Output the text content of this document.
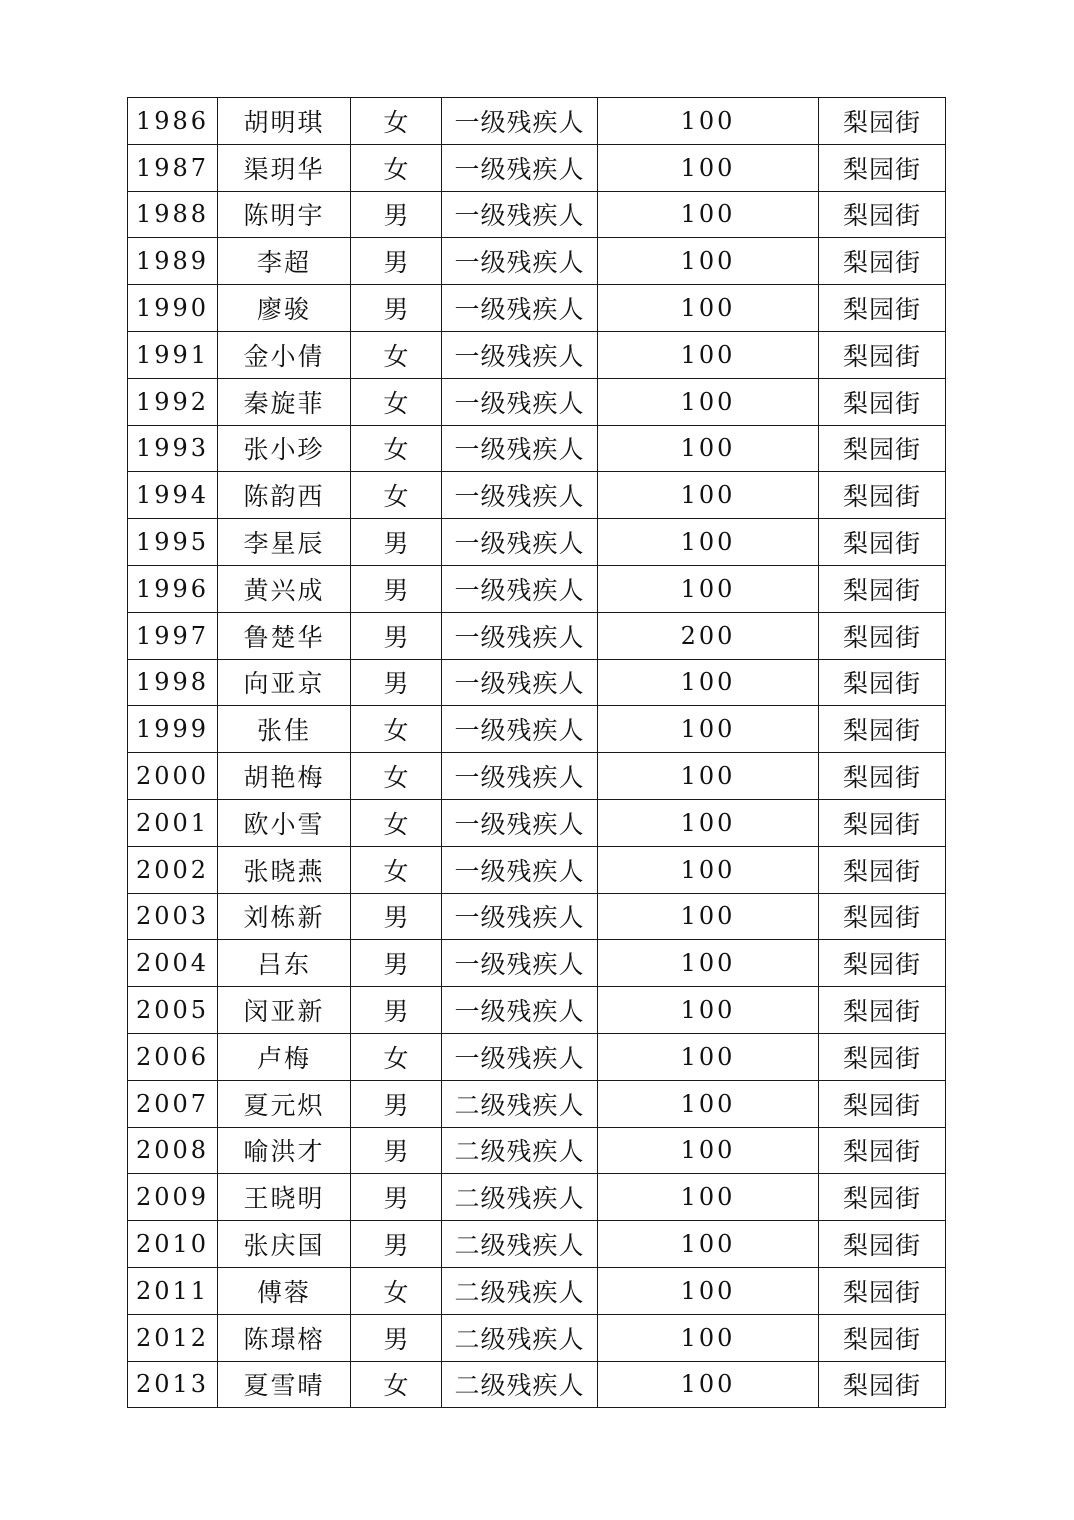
1986	胡明琪	女	一级残疾人	100	梨园街
1987	渠玥华	女	一级残疾人	100	梨园街
1988	陈明宇	男	一级残疾人	100	梨园街
1989	李超	男	一级残疾人	100	梨园街
1990	廖骏	男	一级残疾人	100	梨园街
1991	金小倩	女	一级残疾人	100	梨园街
1992	秦旋菲	女	一级残疾人	100	梨园街
1993	张小珍	女	一级残疾人	100	梨园街
1994	陈韵西	女	一级残疾人	100	梨园街
1995	李星辰	男	一级残疾人	100	梨园街
1996	黄兴成	男	一级残疾人	100	梨园街
1997	鲁楚华	男	一级残疾人	200	梨园街
1998	向亚京	男	一级残疾人	100	梨园街
1999	张佳	女	一级残疾人	100	梨园街
2000	胡艳梅	女	一级残疾人	100	梨园街
2001	欧小雪	女	一级残疾人	100	梨园街
2002	张晓燕	女	一级残疾人	100	梨园街
2003	刘栋新	男	一级残疾人	100	梨园街
2004	吕东	男	一级残疾人	100	梨园街
2005	闵亚新	男	一级残疾人	100	梨园街
2006	卢梅	女	一级残疾人	100	梨园街
2007	夏元炽	男	二级残疾人	100	梨园街
2008	喻洪才	男	二级残疾人	100	梨园街
2009	王晓明	男	二级残疾人	100	梨园街
2010	张庆国	男	二级残疾人	100	梨园街
2011	傅蓉	女	二级残疾人	100	梨园街
2012	陈璟榕	男	二级残疾人	100	梨园街
2013	夏雪晴	女	二级残疾人	100	梨园街
